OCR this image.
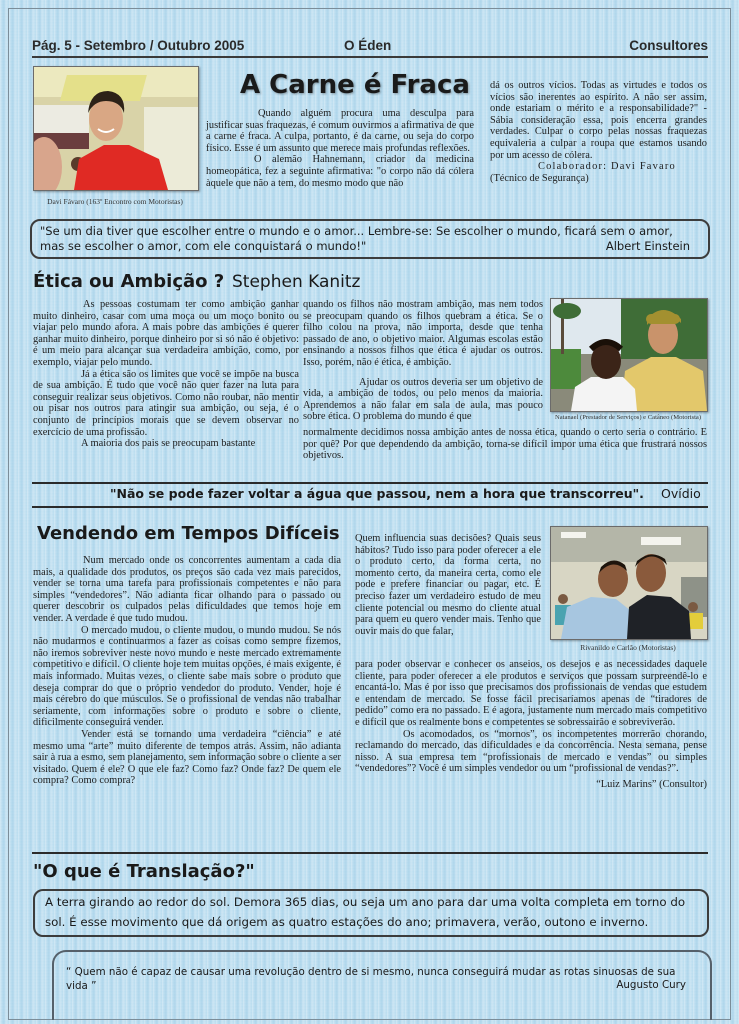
Pág. 5 - Setembro / Outubro 2005	O Éden	Consultores
Davi Fávaro (163º Encontro com Motoristas)
A Carne é Fraca

Quando alguém procura uma desculpa para justificar suas fraquezas, é comum ouvirmos a afirmativa de que a carne é fraca. A culpa, portanto, é da carne, ou seja do corpo físico. Esse é um assunto que merece mais profundas reflexões.

O alemão Hahnemann, criador da medicina homeopática, fez a seguinte afirmativa: "o corpo não dá cólera àquele que não a tem, do mesmo modo que não

dá os outros vícios. Todas as virtudes e todos os vícios são inerentes ao espírito. A não ser assim, onde estariam o mérito e a responsabilidade?" - Sábia consideração essa, pois encerra grandes verdades. Culpar o corpo pelas nossas fraquezas equivaleria a culpar a roupa que estamos usando por um acesso de cólera.

Colaborador: Davi Favaro

(Técnico de Segurança)

"Se um dia tiver que escolher entre o mundo e o amor... Lembre-se: Se escolher o mundo, ficará sem o amor, mas se escolher o amor, com ele conquistará o mundo!"	Albert Einstein
Ética ou Ambição ? Stephen Kanitz

As pessoas costumam ter como ambição ganhar muito dinheiro, casar com uma moça ou um moço bonito ou viajar pelo mundo afora. A mais pobre das ambições é querer ganhar muito dinheiro, porque dinheiro por si só não é objetivo: é um meio para alcançar sua verdadeira ambição, como, por exemplo, viajar pelo mundo.

Já a ética são os limites que você se impõe na busca de sua ambição. É tudo que você não quer fazer na luta para conseguir realizar seus objetivos. Como não roubar, não mentir ou pisar nos outros para atingir sua ambição, ou seja, é o conjunto de princípios morais que se devem observar no exercício de uma profissão.

A maioria dos pais se preocupam bastante

quando os filhos não mostram ambição, mas nem todos se preocupam quando os filhos quebram a ética. Se o filho colou na prova, não importa, desde que tenha passado de ano, o objetivo maior. Algumas escolas estão ensinando a nossos filhos que ética é ajudar os outros. Isso, porém, não é ética, é ambição.

Ajudar os outros deveria ser um objetivo de vida, a ambição de todos, ou pelo menos da maioria. Aprendemos a não falar em sala de aula, mas pouco sobre ética. O problema do mundo é que

normalmente decidimos nossa ambição antes de nossa ética, quando o certo seria o contrário. E por quê? Por que dependendo da ambição, torna-se difícil impor uma ética que frustrará nossos objetivos.

Natanael (Prestador de Serviços) e Catâneo (Motorista)
"Não se pode fazer voltar a água que passou, nem a hora que transcorreu". Ovídio
Vendendo em Tempos Difíceis

Num mercado onde os concorrentes aumentam a cada dia mais, a qualidade dos produtos, os preços são cada vez mais parecidos, vender se torna uma tarefa para profissionais competentes e não para simples “vendedores”. Não adianta ficar olhando para o passado ou querer descobrir os culpados pelas dificuldades que temos hoje em vender. A verdade é que tudo mudou.

O mercado mudou, o cliente mudou, o mundo mudou. Se nós não mudarmos e continuarmos a fazer as coisas como sempre fizemos, não iremos sobreviver neste novo mundo e neste mercado extremamente competitivo e difícil. O cliente hoje tem muitas opções, é mais exigente, é mais informado. Muitas vezes, o cliente sabe mais sobre o produto que deseja comprar do que o próprio vendedor do produto. Vender, hoje é mais cérebro do que músculos. Se o profissional de vendas não trabalhar seriamente, com informações sobre o produto e sobre o cliente, dificilmente conseguirá vender.

Vender está se tornando uma verdadeira “ciência” e até mesmo uma “arte” muito diferente de tempos atrás. Assim, não adianta sair à rua a esmo, sem planejamento, sem informação sobre o cliente a ser visitado. Quem é ele? O que ele faz? Como faz? Onde faz? De quem ele compra? Como compra?

Quem influencia suas decisões? Quais seus hábitos? Tudo isso para poder oferecer a ele o produto certo, da forma certa, no momento certo, da maneira certa, como ele pode e prefere financiar ou pagar, etc. É preciso fazer um verdadeiro estudo de meu cliente potencial ou mesmo do cliente atual para quem eu quero vender mais. Tenho que ouvir mais do que falar,

para poder observar e conhecer os anseios, os desejos e as necessidades daquele cliente, para poder oferecer a ele produtos e serviços que possam surpreendê-lo e encantá-lo. Mas é por isso que precisamos dos profissionais de vendas que estudem e entendam de mercado. Se fosse fácil precisaríamos apenas de “tiradores de pedido” como era no passado. E é agora, justamente num mercado mais competitivo e difícil que os realmente bons e competentes se sobressairão e sobreviverão.

Os acomodados, os “mornos”, os incompetentes morrerão chorando, reclamando do mercado, das dificuldades e da concorrência. Nesta semana, pense nisso. A sua empresa tem “profissionais de mercado e vendas” ou simples “vendedores”? Você é um simples vendedor ou um “profissional de vendas?”.

“Luiz Marins” (Consultor)

Rivanildo e Carlão (Motoristas)
"O que é Translação?"
A terra girando ao redor do sol. Demora 365 dias, ou seja um ano para dar uma volta completa em torno do sol. É esse movimento que dá origem as quatro estações do ano; primavera, verão, outono e inverno.
“ Quem não é capaz de causar uma revolução dentro de si mesmo, nunca conseguirá mudar as rotas sinuosas de sua vida ”	Augusto Cury
